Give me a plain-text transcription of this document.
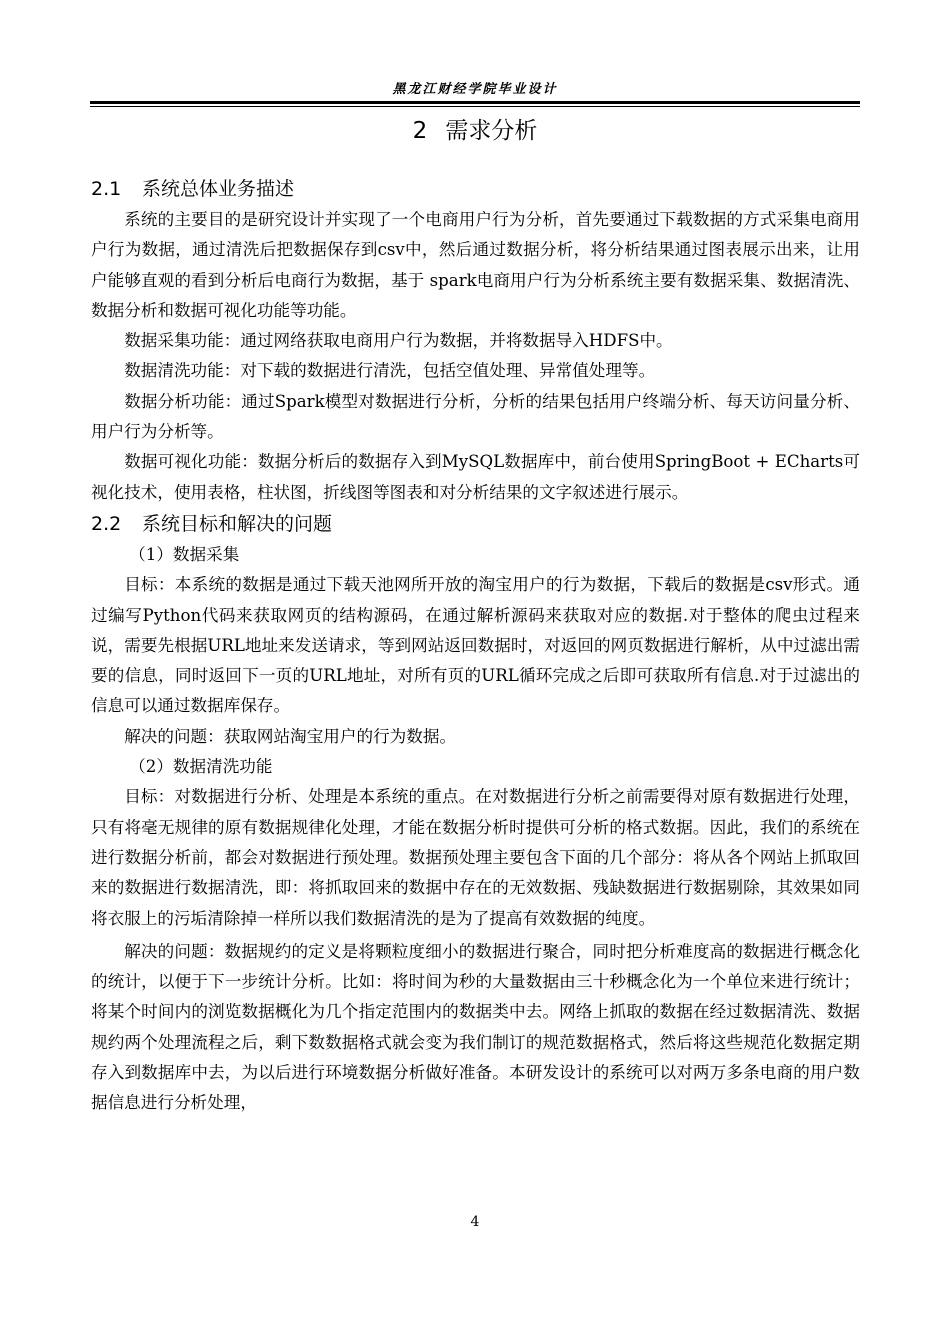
黑龙江财经学院毕业设计
2 需求分析
2.1 系统总体业务描述

系统的主要目的是研究设计并实现了一个电商用户行为分析，首先要通过下载数据的方式采集电商用户行为数据，通过清洗后把数据保存到csv中，然后通过数据分析，将分析结果通过图表展示出来，让用户能够直观的看到分析后电商行为数据，基于 spark电商用户行为分析系统主要有数据采集、数据清洗、数据分析和数据可视化功能等功能。

数据采集功能：通过网络获取电商用户行为数据，并将数据导入HDFS中。

数据清洗功能：对下载的数据进行清洗，包括空值处理、异常值处理等。

数据分析功能：通过Spark模型对数据进行分析，分析的结果包括用户终端分析、每天访问量分析、用户行为分析等。

数据可视化功能：数据分析后的数据存入到MySQL数据库中，前台使用SpringBoot + ECharts可视化技术，使用表格，柱状图，折线图等图表和对分析结果的文字叙述进行展示。

2.2 系统目标和解决的问题

（1）数据采集

目标：本系统的数据是通过下载天池网所开放的淘宝用户的行为数据，下载后的数据是csv形式。通过编写Python代码来获取网页的结构源码，在通过解析源码来获取对应的数据.对于整体的爬虫过程来说，需要先根据URL地址来发送请求，等到网站返回数据时，对返回的网页数据进行解析，从中过滤出需要的信息，同时返回下一页的URL地址，对所有页的URL循环完成之后即可获取所有信息.对于过滤出的信息可以通过数据库保存。

解决的问题：获取网站淘宝用户的行为数据。

（2）数据清洗功能

目标：对数据进行分析、处理是本系统的重点。在对数据进行分析之前需要得对原有数据进行处理，只有将毫无规律的原有数据规律化处理，才能在数据分析时提供可分析的格式数据。因此，我们的系统在进行数据分析前，都会对数据进行预处理。数据预处理主要包含下面的几个部分：将从各个网站上抓取回来的数据进行数据清洗，即：将抓取回来的数据中存在的无效数据、残缺数据进行数据剔除，其效果如同将衣服上的污垢清除掉一样所以我们数据清洗的是为了提高有效数据的纯度。

解决的问题：数据规约的定义是将颗粒度细小的数据进行聚合，同时把分析难度高的数据进行概念化的统计，以便于下一步统计分析。比如：将时间为秒的大量数据由三十秒概念化为一个单位来进行统计；将某个时间内的浏览数据概化为几个指定范围内的数据类中去。网络上抓取的数据在经过数据清洗、数据规约两个处理流程之后，剩下数数据格式就会变为我们制订的规范数据格式，然后将这些规范化数据定期存入到数据库中去，为以后进行环境数据分析做好准备。本研发设计的系统可以对两万多条电商的用户数据信息进行分析处理，

4
